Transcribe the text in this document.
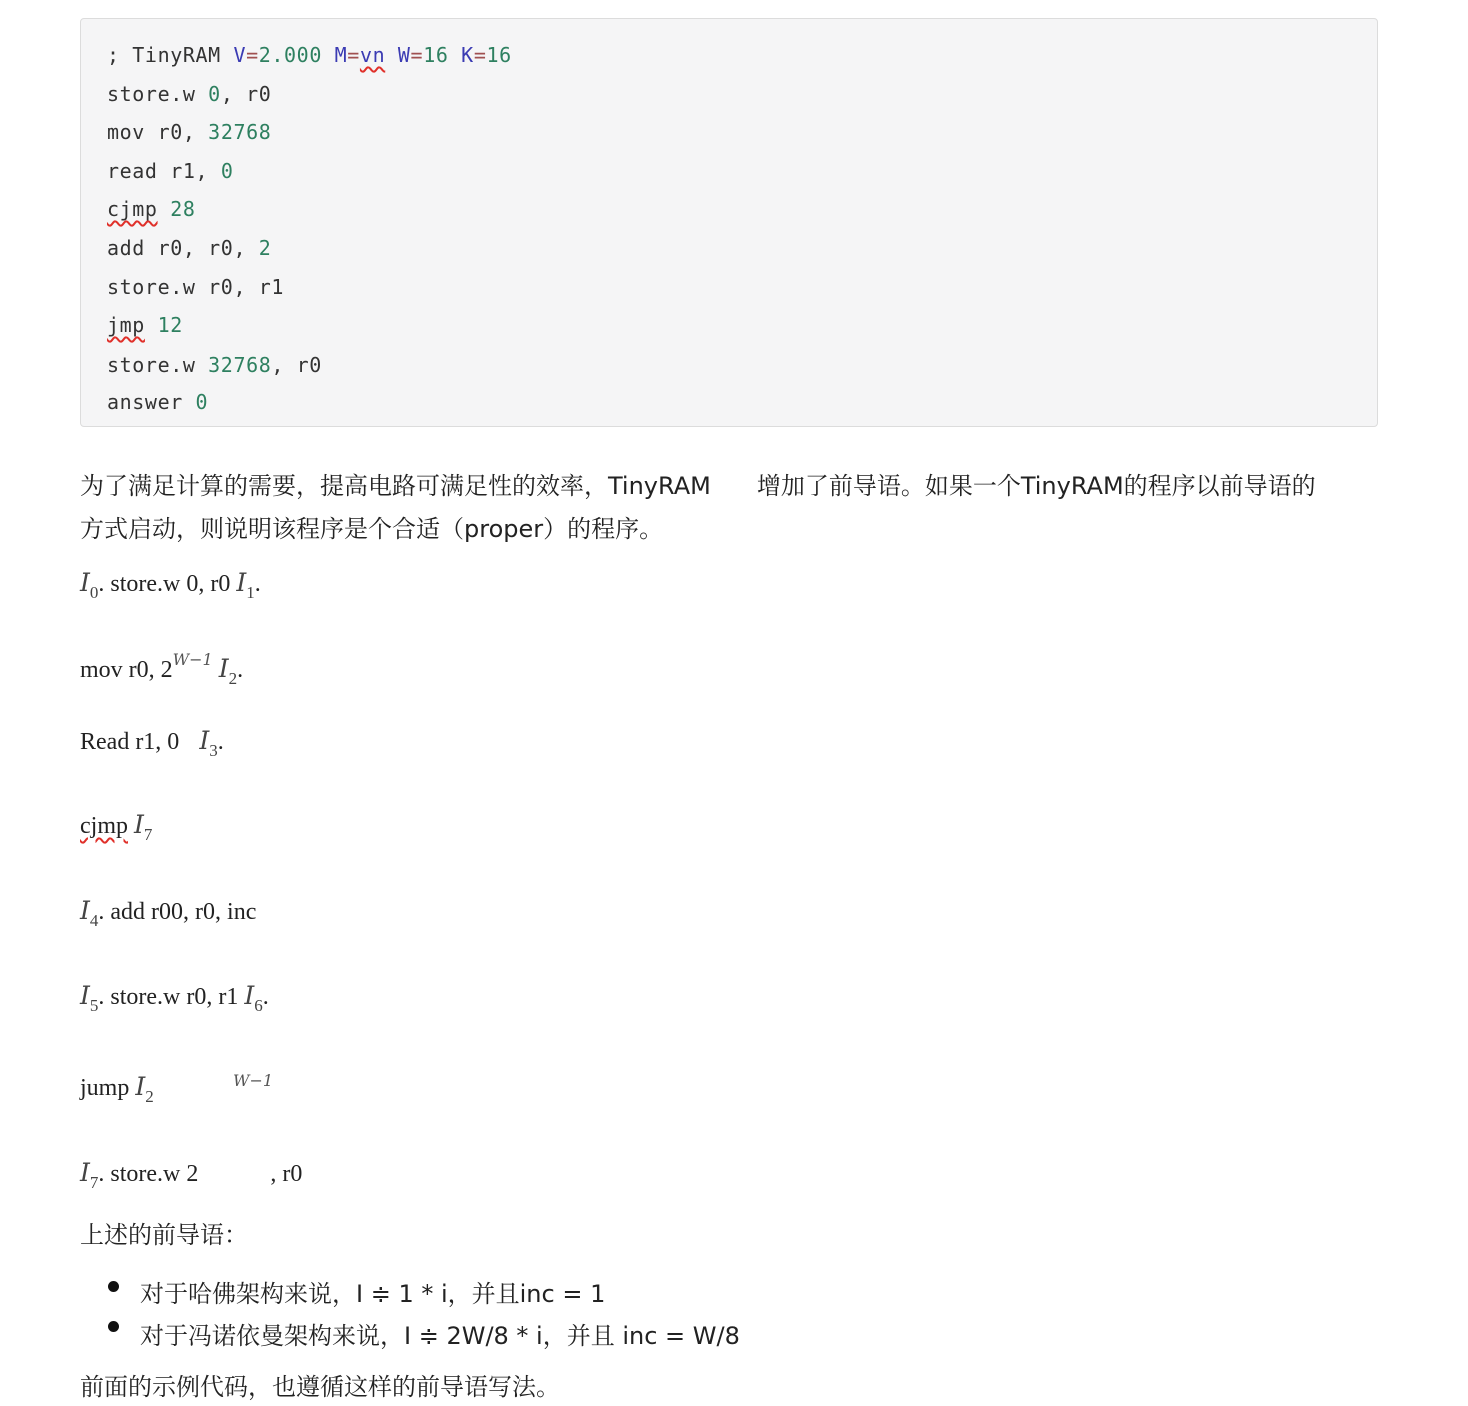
; TinyRAM V=2.000 M=vn W=16 K=16
store.w 0, r0
mov r0, 32768
read r1, 0
cjmp 28
add r0, r0, 2
store.w r0, r1
jmp 12
store.w 32768, r0
answer 0
为了满足计算的需要，提高电路可满足性的效率，TinyRAM 增加了前导语。如果一个TinyRAM的程序以前导语的
方式启动，则说明该程序是个合适（proper）的程序。
$I_0$. store.w 0, r0 $I_1$.
mov r0, $2^{W-1}$ $I_2$.
Read r1, 0 $I_3$.
cjmp $I_7$
$I_4$. add r00, r0, inc
$I_5$. store.w r0, r1 $I_6$.
jump $I_2$
W−1
$I_7$. store.w 2	, r0
上述的前导语：
对于哈佛架构来说，I ≑ 1 * i，并且inc = 1
对于冯诺依曼架构来说，I ≑ 2W/8 * i，并且 inc = W/8
前面的示例代码，也遵循这样的前导语写法。
